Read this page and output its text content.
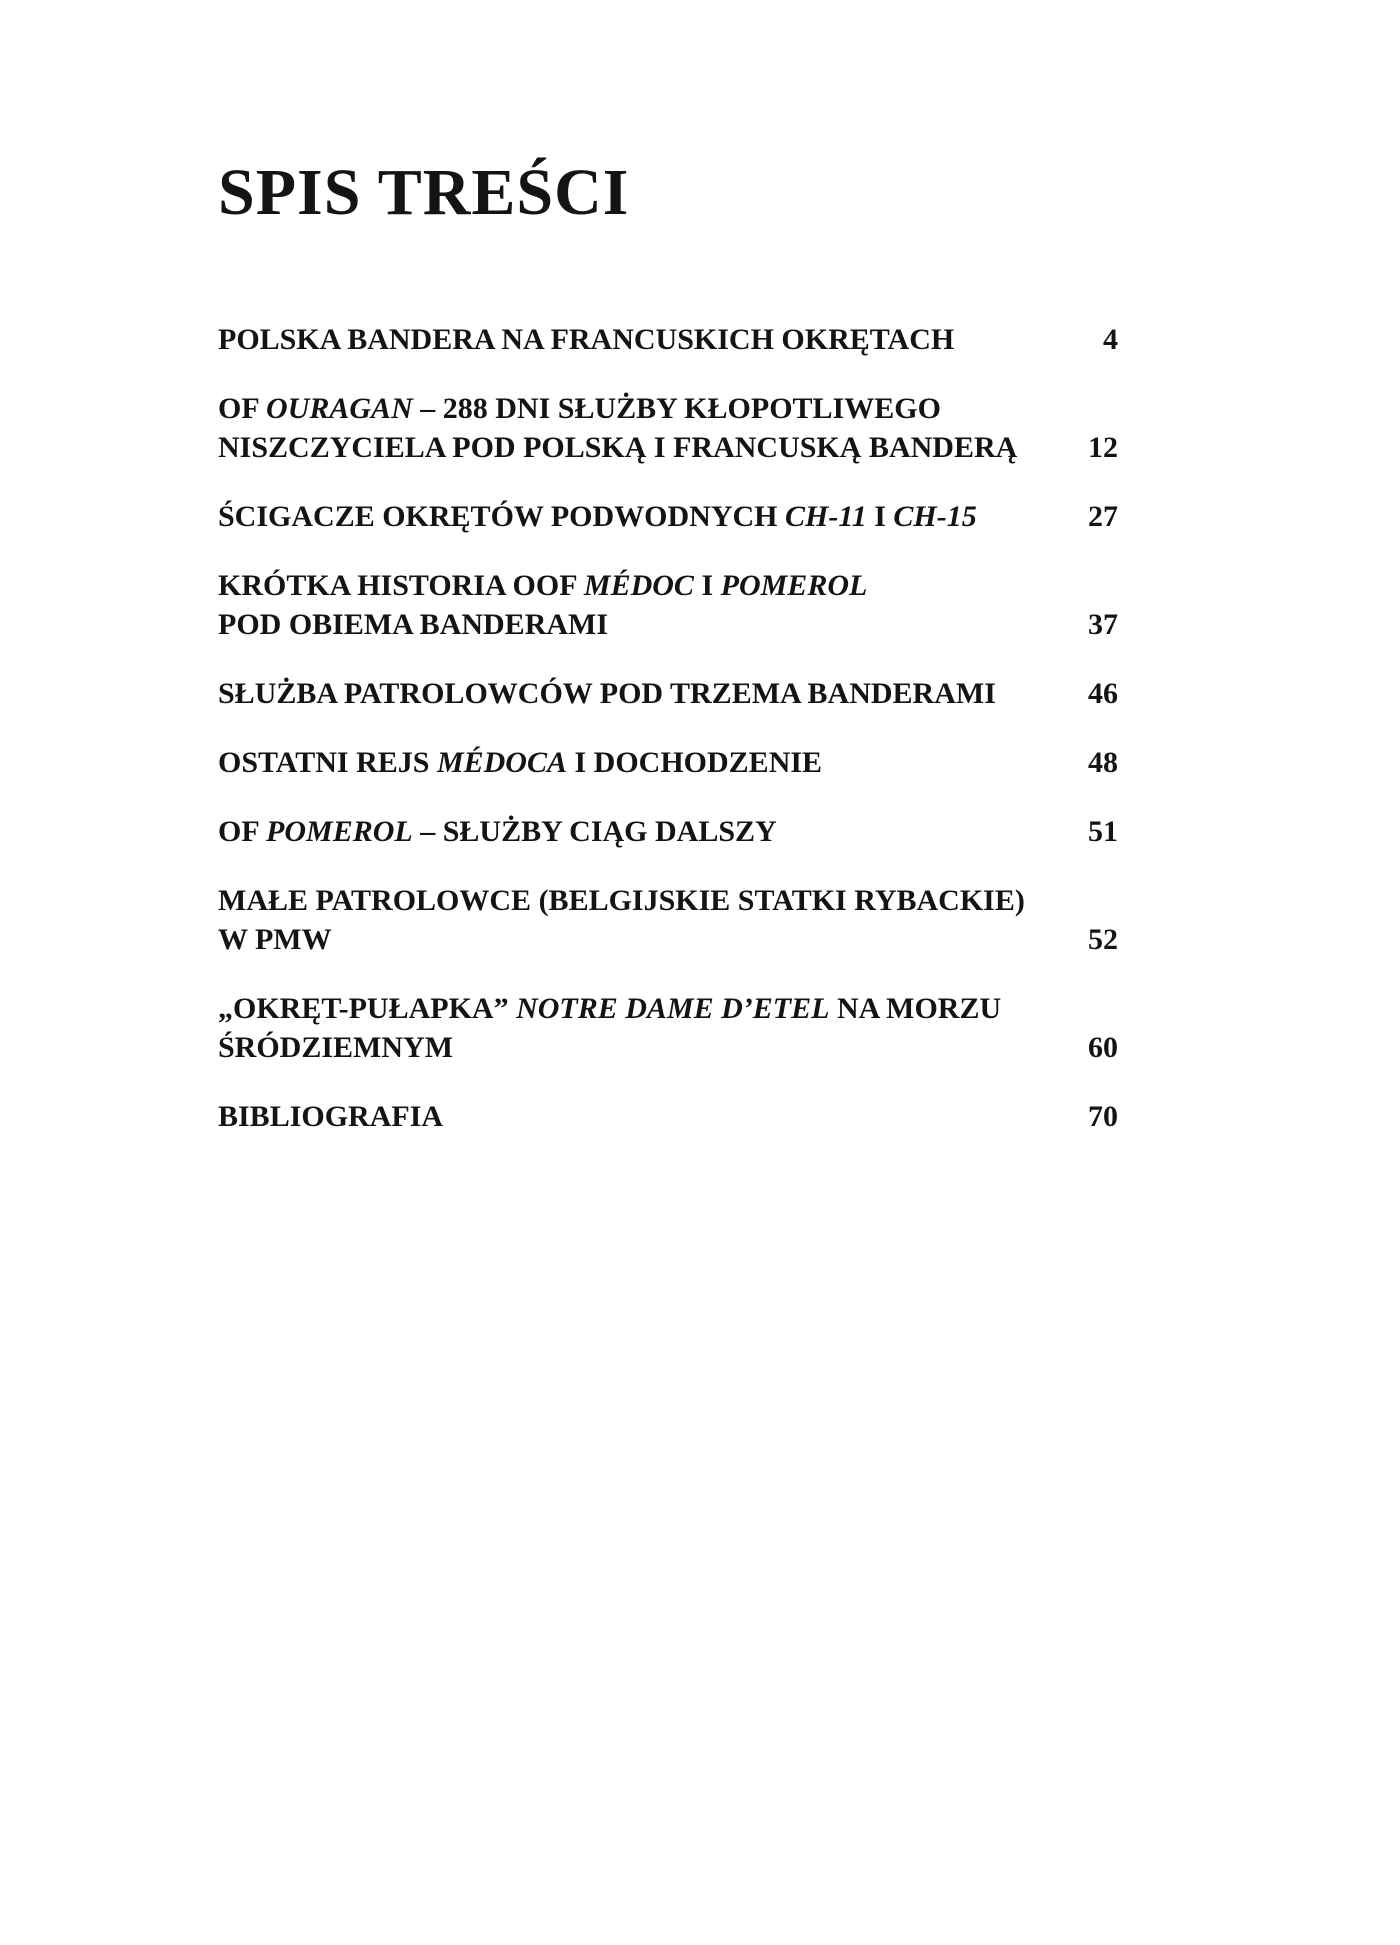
SPIS TREŚCI
POLSKA BANDERA NA FRANCUSKICH OKRĘTACH	4
OF OURAGAN – 288 DNI SŁUŻBY KŁOPOTLIWEGO
NISZCZYCIELA POD POLSKĄ I FRANCUSKĄ BANDERĄ	12
ŚCIGACZE OKRĘTÓW PODWODNYCH CH-11 I CH-15	27
KRÓTKA HISTORIA OOF MÉDOC I POMEROL
POD OBIEMA BANDERAMI	37
SŁUŻBA PATROLOWCÓW POD TRZEMA BANDERAMI	46
OSTATNI REJS MÉDOCA I DOCHODZENIE	48
OF POMEROL – SŁUŻBY CIĄG DALSZY	51
MAŁE PATROLOWCE (BELGIJSKIE STATKI RYBACKIE)
W PMW	52
„OKRĘT-PUŁAPKA” NOTRE DAME D’ETEL NA MORZU
ŚRÓDZIEMNYM	60
BIBLIOGRAFIA	70
